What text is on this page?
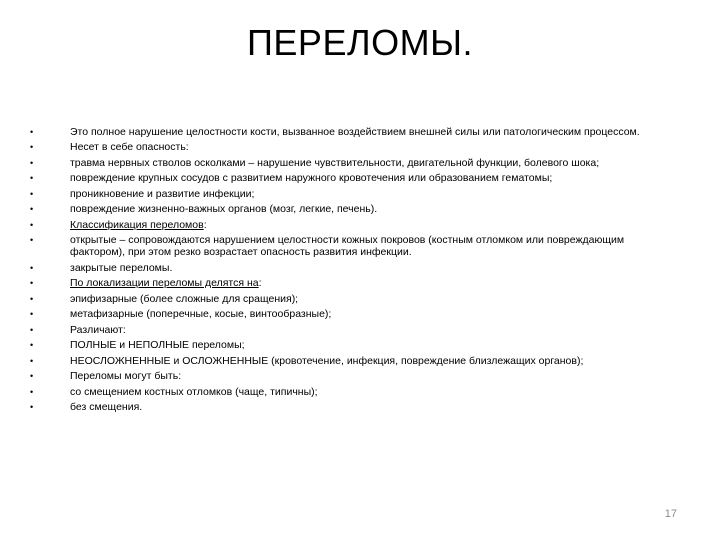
ПЕРЕЛОМЫ.
•	Это полное нарушение целостности кости, вызванное воздействием внешней силы или патологическим процессом.
•	Несет в себе опасность:
•	травма нервных стволов осколками – нарушение чувствительности, двигательной функции, болевого шока;
•	повреждение крупных сосудов с развитием наружного кровотечения или образованием гематомы;
•	проникновение и развитие инфекции;
•	повреждение жизненно-важных органов (мозг, легкие, печень).
•	Классификация переломов:
•	открытые – сопровождаются нарушением целостности кожных покровов (костным отломком или повреждающим фактором), при этом резко возрастает опасность развития инфекции.
•	закрытые переломы.
•	По локализации переломы делятся на:
•	эпифизарные (более сложные для сращения);
•	метафизарные (поперечные, косые, винтообразные);
•	Различают:
•	ПОЛНЫЕ и НЕПОЛНЫЕ переломы;
•	НЕОСЛОЖНЕННЫЕ и ОСЛОЖНЕННЫЕ (кровотечение, инфекция, повреждение близлежащих органов);
•	Переломы могут быть:
•	со смещением костных отломков (чаще, типичны);
•	без смещения.
17
